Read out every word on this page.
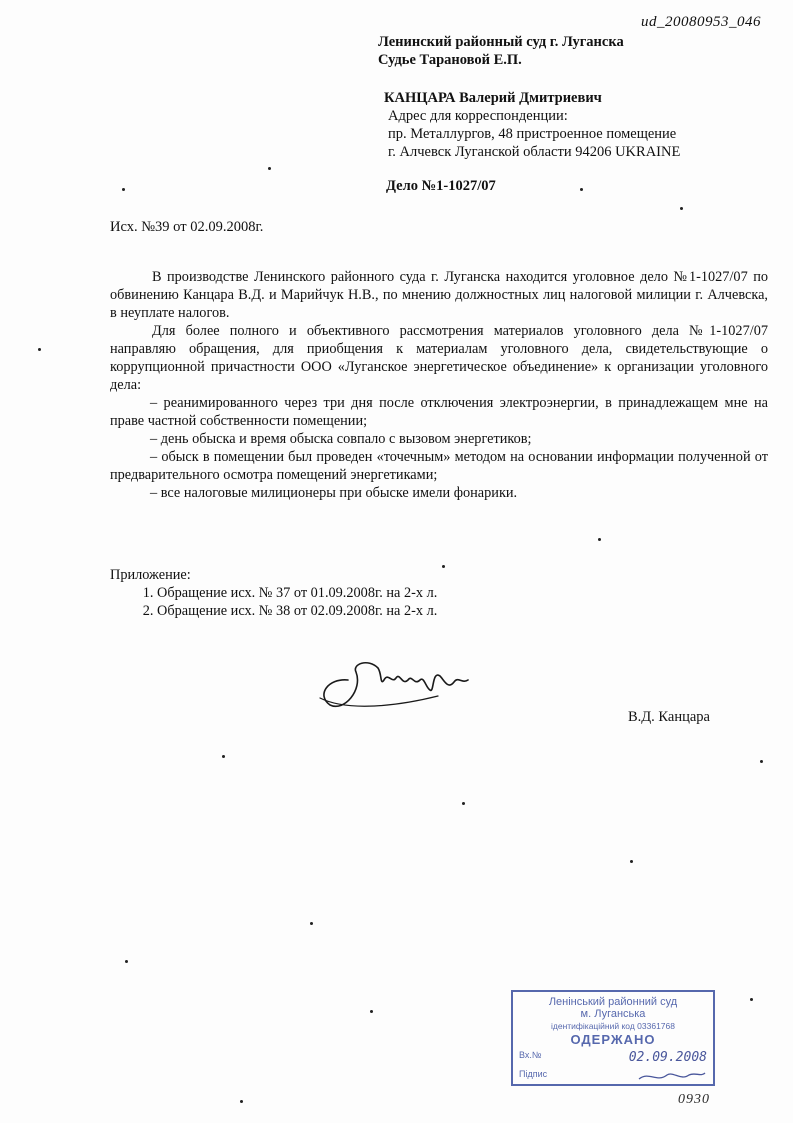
ud_20080953_046
Ленинский районный суд г. Луганска
Судье Тарановой Е.П.
КАНЦАРА Валерий Дмитриевич
Адрес для корреспонденции:
пр. Металлургов, 48 пристроенное помещение
г. Алчевск Луганской области 94206 UKRAINE
Дело №1-1027/07
Исх. №39 от 02.09.2008г.

В производстве Ленинского районного суда г. Луганска находится уголовное дело №1-1027/07 по обвинению Канцара В.Д. и Марийчук Н.В., по мнению должностных лиц налоговой милиции г. Алчевска, в неуплате налогов.

Для более полного и объективного рассмотрения материалов уголовного дела №1-1027/07 направляю обращения, для приобщения к материалам уголовного дела, свидетельствующие о коррупционной причастности ООО «Луганское энергетическое объединение» к организации уголовного дела:

– реанимированного через три дня после отключения электроэнергии, в принадлежащем мне на праве частной собственности помещении;

– день обыска и время обыска совпало с вызовом энергетиков;

– обыск в помещении был проведен «точечным» методом на основании информации полученной от предварительного осмотра помещений энергетиками;

– все налоговые милиционеры при обыске имели фонарики.

Приложение:
1. Обращение исх. № 37 от 01.09.2008г. на 2-х л.
2. Обращение исх. № 38 от 02.09.2008г. на 2-х л.
В.Д. Канцара
Ленінський районний суд
м. Луганська
ідентифікаційний код 03361768
ОДЕРЖАНО
Вх.№	02.09.2008
Підпис
0930
